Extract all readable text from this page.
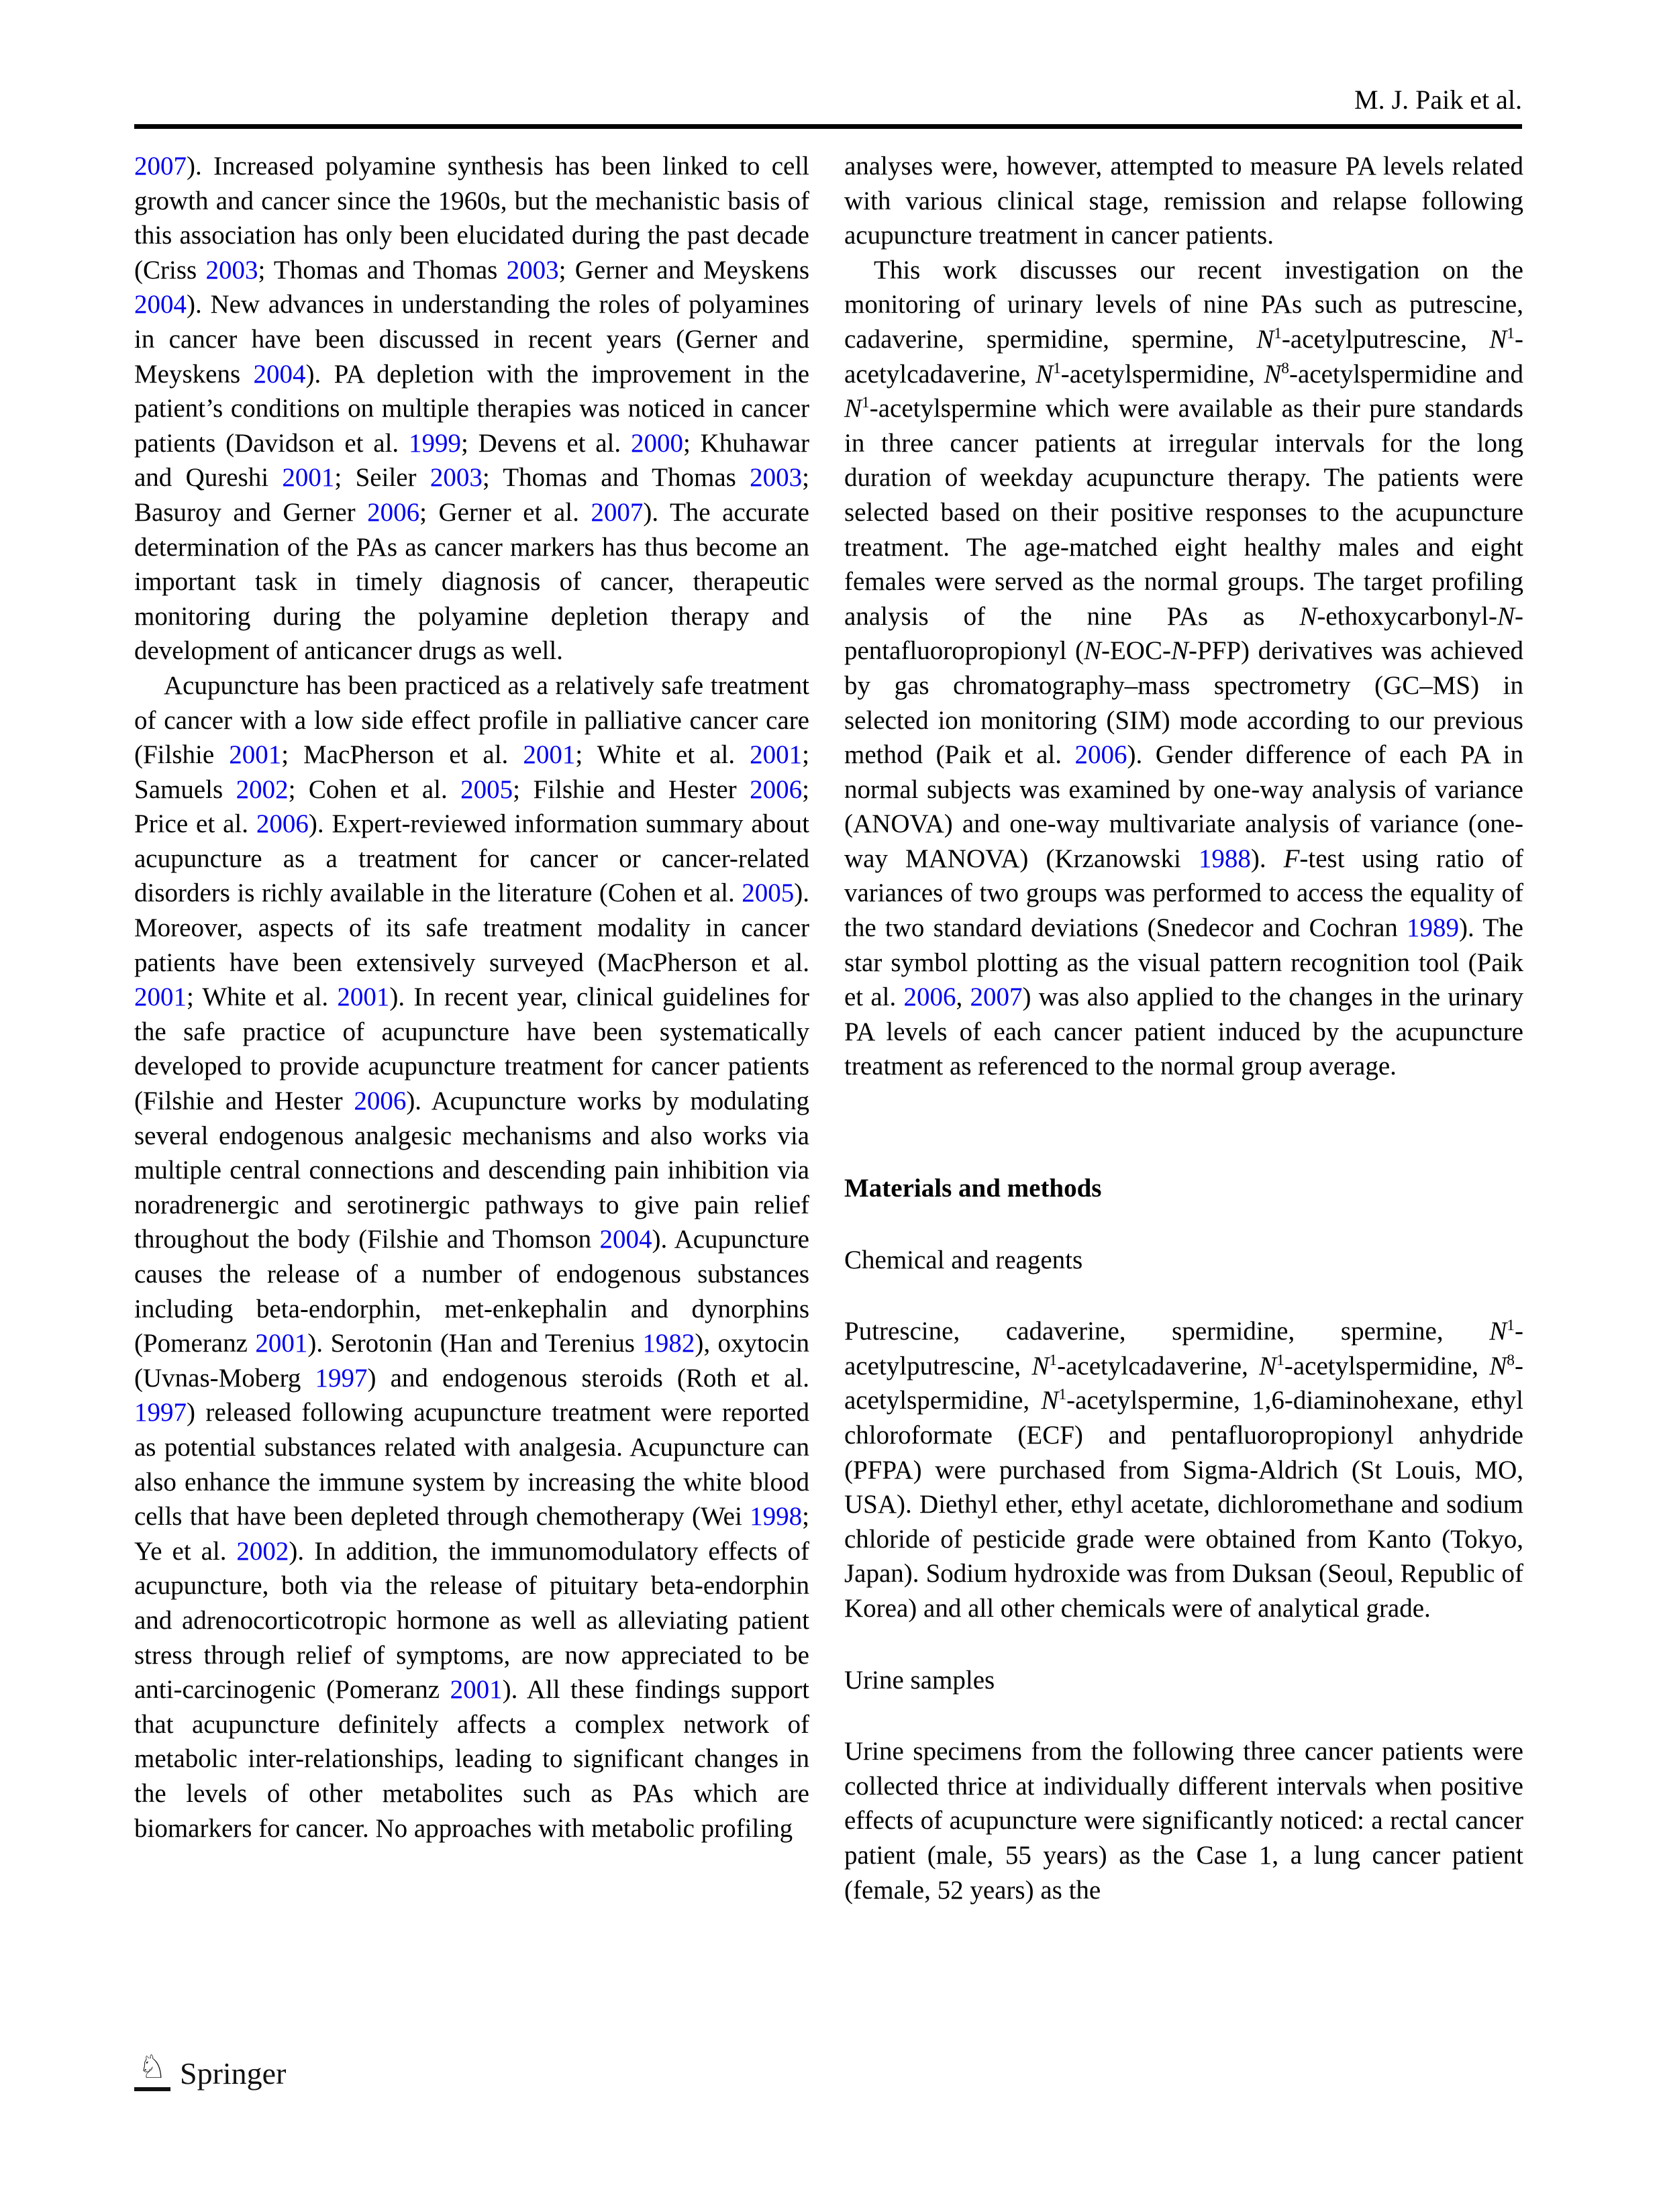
M. J. Paik et al.

2007). Increased polyamine synthesis has been linked to cell growth and cancer since the 1960s, but the mechanistic basis of this association has only been elucidated during the past decade (Criss 2003; Thomas and Thomas 2003; Gerner and Meyskens 2004). New advances in understanding the roles of polyamines in cancer have been discussed in recent years (Gerner and Meyskens 2004). PA depletion with the improvement in the patient’s conditions on multiple therapies was noticed in cancer patients (Davidson et al. 1999; Devens et al. 2000; Khuhawar and Qureshi 2001; Seiler 2003; Thomas and Thomas 2003; Basuroy and Gerner 2006; Gerner et al. 2007). The accurate determination of the PAs as cancer markers has thus become an important task in timely diagnosis of cancer, therapeutic monitoring during the polyamine depletion therapy and development of anticancer drugs as well.

Acupuncture has been practiced as a relatively safe treatment of cancer with a low side effect profile in palliative cancer care (Filshie 2001; MacPherson et al. 2001; White et al. 2001; Samuels 2002; Cohen et al. 2005; Filshie and Hester 2006; Price et al. 2006). Expert-reviewed information summary about acupuncture as a treatment for cancer or cancer-related disorders is richly available in the literature (Cohen et al. 2005). Moreover, aspects of its safe treatment modality in cancer patients have been extensively surveyed (MacPherson et al. 2001; White et al. 2001). In recent year, clinical guidelines for the safe practice of acupuncture have been systematically developed to provide acupuncture treatment for cancer patients (Filshie and Hester 2006). Acupuncture works by modulating several endogenous analgesic mechanisms and also works via multiple central connections and descending pain inhibition via noradrenergic and serotinergic pathways to give pain relief throughout the body (Filshie and Thomson 2004). Acupuncture causes the release of a number of endogenous substances including beta-endorphin, met-enkephalin and dynorphins (Pomeranz 2001). Serotonin (Han and Terenius 1982), oxytocin (Uvnas-Moberg 1997) and endogenous steroids (Roth et al. 1997) released following acupuncture treatment were reported as potential substances related with analgesia. Acupuncture can also enhance the immune system by increasing the white blood cells that have been depleted through chemotherapy (Wei 1998; Ye et al. 2002). In addition, the immunomodulatory effects of acupuncture, both via the release of pituitary beta-endorphin and adrenocorticotropic hormone as well as alleviating patient stress through relief of symptoms, are now appreciated to be anti-carcinogenic (Pomeranz 2001). All these findings support that acupuncture definitely affects a complex network of metabolic inter-relationships, leading to significant changes in the levels of other metabolites such as PAs which are biomarkers for cancer. No approaches with metabolic profiling

analyses were, however, attempted to measure PA levels related with various clinical stage, remission and relapse following acupuncture treatment in cancer patients.

This work discusses our recent investigation on the monitoring of urinary levels of nine PAs such as putrescine, cadaverine, spermidine, spermine, $N^1$-acetylputrescine, $N^1$-acetylcadaverine, $N^1$-acetylspermidine, $N^8$-acetylspermidine and $N^1$-acetylspermine which were available as their pure standards in three cancer patients at irregular intervals for the long duration of weekday acupuncture therapy. The patients were selected based on their positive responses to the acupuncture treatment. The age-matched eight healthy males and eight females were served as the normal groups. The target profiling analysis of the nine PAs as N-ethoxycarbonyl-N-pentafluoropropionyl (N-EOC-N-PFP) derivatives was achieved by gas chromatography–mass spectrometry (GC–MS) in selected ion monitoring (SIM) mode according to our previous method (Paik et al. 2006). Gender difference of each PA in normal subjects was examined by one-way analysis of variance (ANOVA) and one-way multivariate analysis of variance (one-way MANOVA) (Krzanowski 1988). F-test using ratio of variances of two groups was performed to access the equality of the two standard deviations (Snedecor and Cochran 1989). The star symbol plotting as the visual pattern recognition tool (Paik et al. 2006, 2007) was also applied to the changes in the urinary PA levels of each cancer patient induced by the acupuncture treatment as referenced to the normal group average.

Materials and methods
Chemical and reagents

Putrescine, cadaverine, spermidine, spermine, $N^1$-acetylputrescine, $N^1$-acetylcadaverine, $N^1$-acetylspermidine, $N^8$-acetylspermidine, $N^1$-acetylspermine, 1,6-diaminohexane, ethyl chloroformate (ECF) and pentafluoropropionyl anhydride (PFPA) were purchased from Sigma-Aldrich (St Louis, MO, USA). Diethyl ether, ethyl acetate, dichloromethane and sodium chloride of pesticide grade were obtained from Kanto (Tokyo, Japan). Sodium hydroxide was from Duksan (Seoul, Republic of Korea) and all other chemicals were of analytical grade.

Urine samples

Urine specimens from the following three cancer patients were collected thrice at individually different intervals when positive effects of acupuncture were significantly noticed: a rectal cancer patient (male, 55 years) as the Case 1, a lung cancer patient (female, 52 years) as the

♘ Springer
